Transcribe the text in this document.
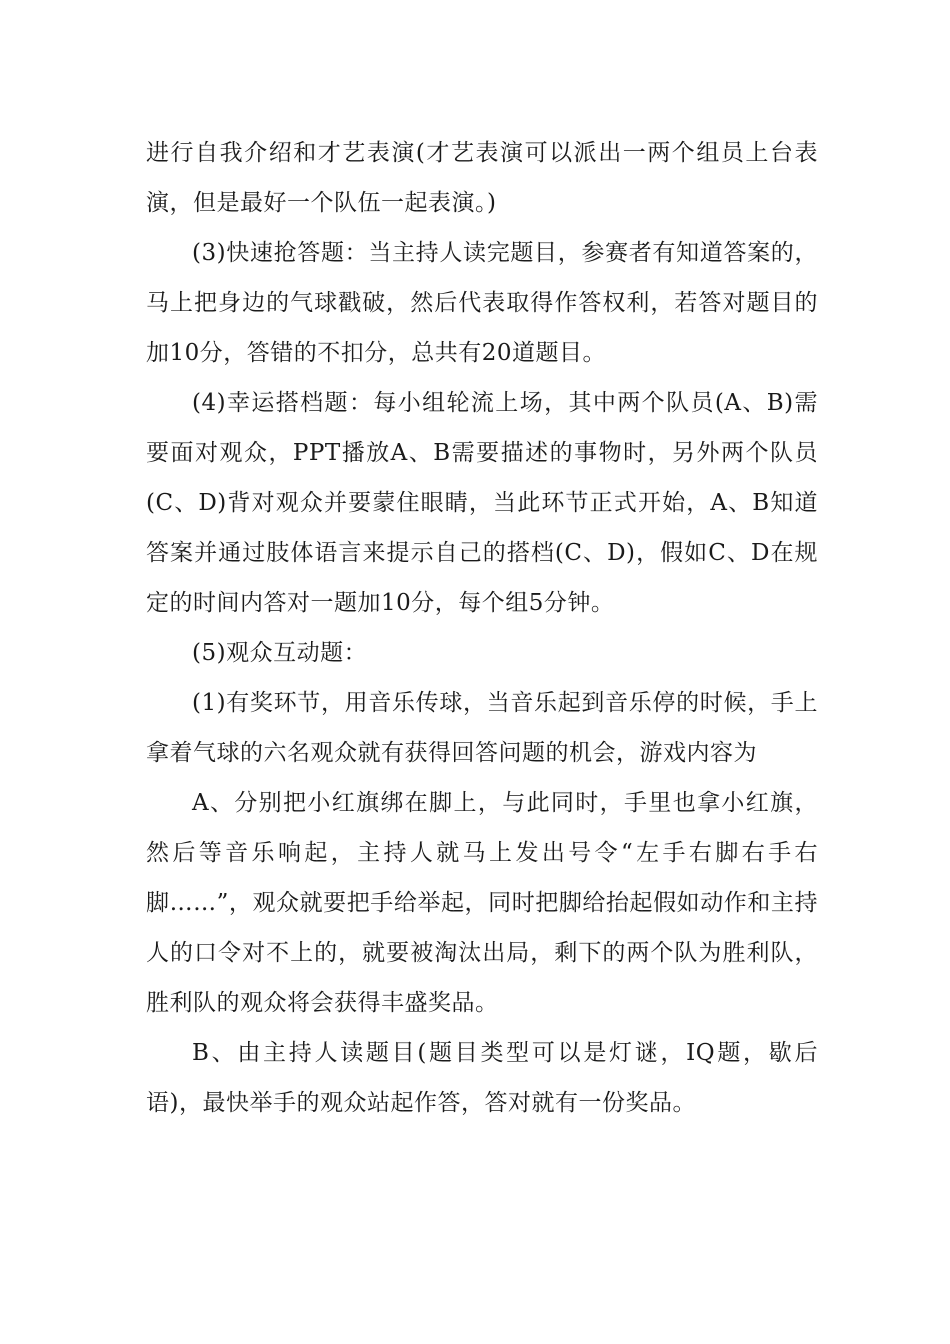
进行自我介绍和才艺表演(才艺表演可以派出一两个组员上台表演，但是最好一个队伍一起表演。)

(3)快速抢答题：当主持人读完题目，参赛者有知道答案的，马上把身边的气球戳破，然后代表取得作答权利，若答对题目的加10分，答错的不扣分，总共有20道题目。

(4)幸运搭档题：每小组轮流上场，其中两个队员(A、B)需要面对观众，PPT播放A、B需要描述的事物时，另外两个队员(C、D)背对观众并要蒙住眼睛，当此环节正式开始，A、B知道答案并通过肢体语言来提示自己的搭档(C、D)，假如C、D在规定的时间内答对一题加10分，每个组5分钟。

(5)观众互动题：

(1)有奖环节，用音乐传球，当音乐起到音乐停的时候，手上拿着气球的六名观众就有获得回答问题的机会，游戏内容为

A、分别把小红旗绑在脚上，与此同时，手里也拿小红旗，然后等音乐响起，主持人就马上发出号令“左手右脚右手右脚……”，观众就要把手给举起，同时把脚给抬起假如动作和主持人的口令对不上的，就要被淘汰出局，剩下的两个队为胜利队，胜利队的观众将会获得丰盛奖品。

B、由主持人读题目(题目类型可以是灯谜，IQ题，歇后语)，最快举手的观众站起作答，答对就有一份奖品。
